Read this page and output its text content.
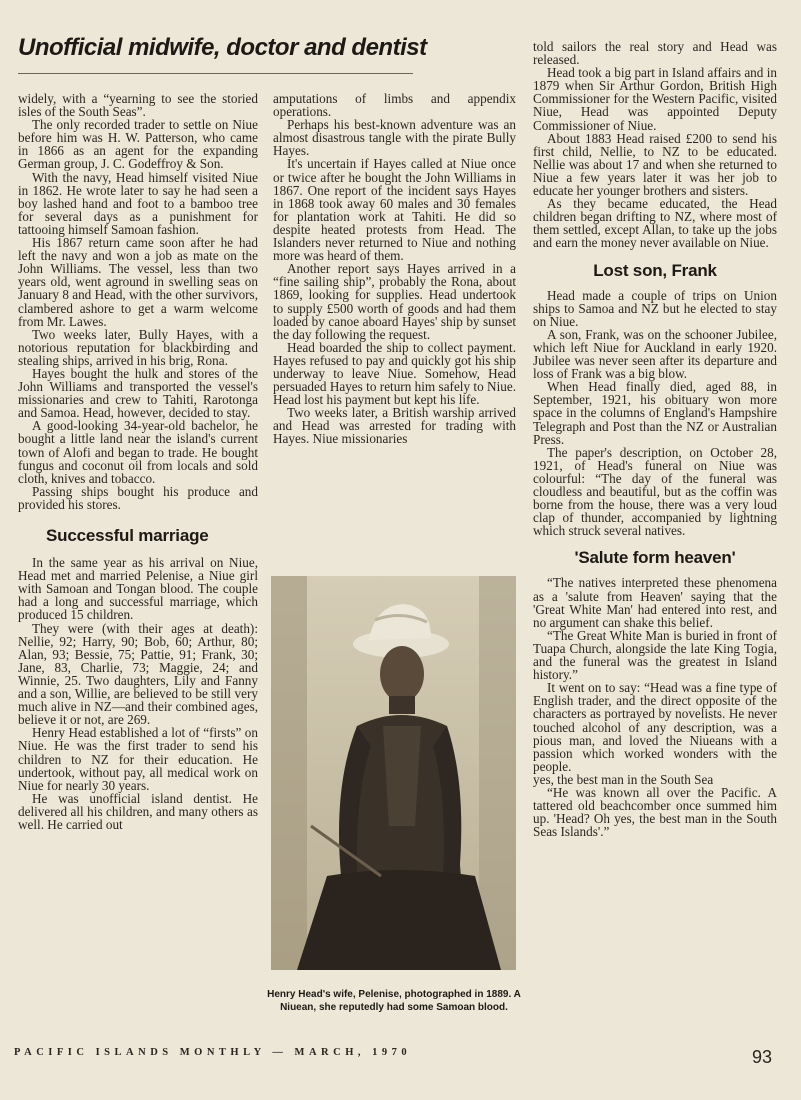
Unofficial midwife, doctor and dentist

widely, with a “yearning to see the storied isles of the South Seas”.

The only recorded trader to settle on Niue before him was H. W. Patterson, who came in 1866 as an agent for the expanding German group, J. C. Godeffroy & Son.

With the navy, Head himself visited Niue in 1862. He wrote later to say he had seen a boy lashed hand and foot to a bamboo tree for several days as a punishment for tattooing himself Samoan fashion.

His 1867 return came soon after he had left the navy and won a job as mate on the John Williams. The vessel, less than two years old, went aground in swelling seas on January 8 and Head, with the other survivors, clambered ashore to get a warm welcome from Mr. Lawes.

Two weeks later, Bully Hayes, with a notorious reputation for blackbirding and stealing ships, arrived in his brig, Rona.

Hayes bought the hulk and stores of the John Williams and transported the vessel's missionaries and crew to Tahiti, Rarotonga and Samoa. Head, however, decided to stay.

A good-looking 34-year-old bachelor, he bought a little land near the island's current town of Alofi and began to trade. He bought fungus and coconut oil from locals and sold cloth, knives and tobacco.

Passing ships bought his produce and provided his stores.

Successful marriage

In the same year as his arrival on Niue, Head met and married Pelenise, a Niue girl with Samoan and Tongan blood. The couple had a long and successful marriage, which produced 15 children.

They were (with their ages at death): Nellie, 92; Harry, 90; Bob, 60; Arthur, 80; Alan, 93; Bessie, 75; Pattie, 91; Frank, 30; Jane, 83, Charlie, 73; Maggie, 24; and Winnie, 25. Two daughters, Lily and Fanny and a son, Willie, are believed to be still very much alive in NZ—and their combined ages, believe it or not, are 269.

Henry Head established a lot of “firsts” on Niue. He was the first trader to send his children to NZ for their education. He undertook, without pay, all medical work on Niue for nearly 30 years.

He was unofficial island dentist. He delivered all his children, and many others as well. He carried out

amputations of limbs and appendix operations.

Perhaps his best-known adventure was an almost disastrous tangle with the pirate Bully Hayes.

It's uncertain if Hayes called at Niue once or twice after he bought the John Williams in 1867. One report of the incident says Hayes in 1868 took away 60 males and 30 females for plantation work at Tahiti. He did so despite heated protests from Head. The Islanders never returned to Niue and nothing more was heard of them.

Another report says Hayes arrived in a “fine sailing ship”, probably the Rona, about 1869, looking for supplies. Head undertook to supply £500 worth of goods and had them loaded by canoe aboard Hayes' ship by sunset the day following the request.

Head boarded the ship to collect payment. Hayes refused to pay and quickly got his ship underway to leave Niue. Somehow, Head persuaded Hayes to return him safely to Niue. Head lost his payment but kept his life.

Two weeks later, a British warship arrived and Head was arrested for trading with Hayes. Niue missionaries

Henry Head's wife, Pelenise, photographed in 1889. A Niuean, she reputedly had some Samoan blood.

told sailors the real story and Head was released.

Head took a big part in Island affairs and in 1879 when Sir Arthur Gordon, British High Commissioner for the Western Pacific, visited Niue, Head was appointed Deputy Commissioner of Niue.

About 1883 Head raised £200 to send his first child, Nellie, to NZ to be educated. Nellie was about 17 and when she returned to Niue a few years later it was her job to educate her younger brothers and sisters.

As they became educated, the Head children began drifting to NZ, where most of them settled, except Allan, to take up the jobs and earn the money never available on Niue.

Lost son, Frank

Head made a couple of trips on Union ships to Samoa and NZ but he elected to stay on Niue.

A son, Frank, was on the schooner Jubilee, which left Niue for Auckland in early 1920. Jubilee was never seen after its departure and loss of Frank was a big blow.

When Head finally died, aged 88, in September, 1921, his obituary won more space in the columns of England's Hampshire Telegraph and Post than the NZ or Australian Press.

The paper's description, on October 28, 1921, of Head's funeral on Niue was colourful: “The day of the funeral was cloudless and beautiful, but as the coffin was borne from the house, there was a very loud clap of thunder, accompanied by lightning which struck several natives.

'Salute form heaven'

“The natives interpreted these phenomena as a 'salute from Heaven' saying that the 'Great White Man' had entered into rest, and no argument can shake this belief.

“The Great White Man is buried in front of Tuapa Church, alongside the late King Togia, and the funeral was the greatest in Island history.”

It went on to say: “Head was a fine type of English trader, and the direct opposite of the characters as portrayed by novelists. He never touched alcohol of any description, was a pious man, and loved the Niueans with a passion which worked wonders with the people.

yes, the best man in the South Sea

“He was known all over the Pacific. A tattered old beachcomber once summed him up. 'Head? Oh yes, the best man in the South Seas Islands'.”

PACIFIC ISLANDS MONTHLY — MARCH, 1970	93
